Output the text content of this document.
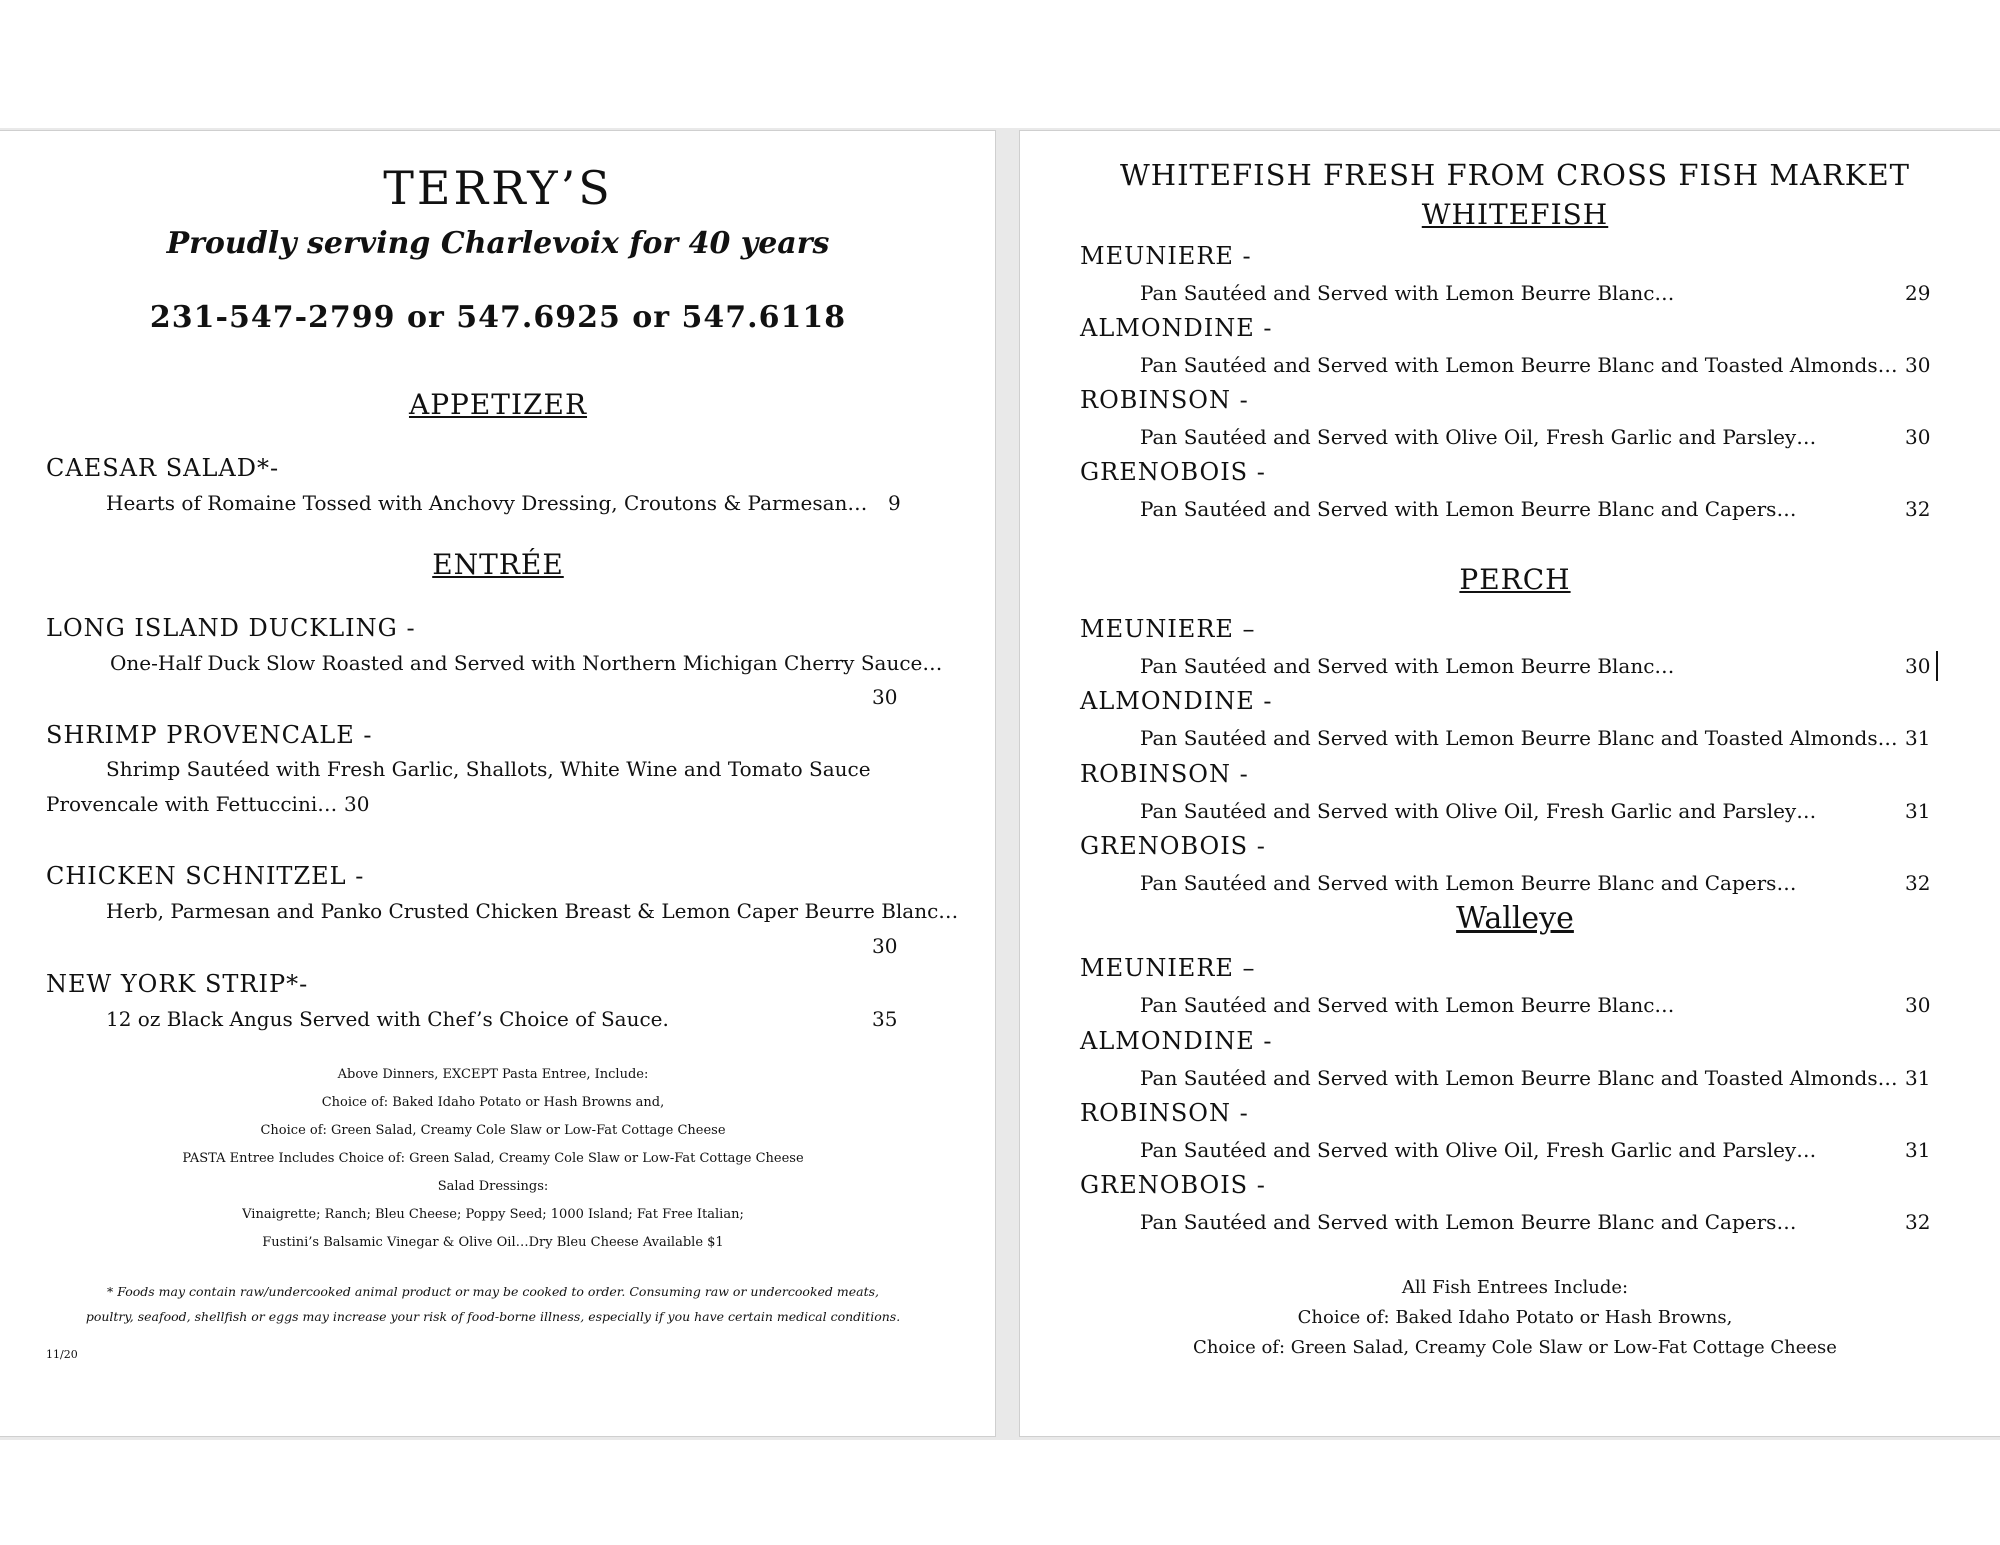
TERRY’S
Proudly serving Charlevoix for 40 years
231-547-2799 or 547.6925 or 547.6118
APPETIZER
CAESAR SALAD*-
Hearts of Romaine Tossed with Anchovy Dressing, Croutons & Parmesan… 9
ENTRÉE
LONG ISLAND DUCKLING -
One-Half Duck Slow Roasted and Served with Northern Michigan Cherry Sauce…
30
SHRIMP PROVENCALE -
Shrimp Sautéed with Fresh Garlic, Shallots, White Wine and Tomato Sauce
Provencale with Fettuccini… 30
CHICKEN SCHNITZEL -
Herb, Parmesan and Panko Crusted Chicken Breast & Lemon Caper Beurre Blanc…
30
NEW YORK STRIP*-
12 oz Black Angus Served with Chef’s Choice of Sauce.	35
Above Dinners, EXCEPT Pasta Entree, Include:
Choice of: Baked Idaho Potato or Hash Browns and,
Choice of: Green Salad, Creamy Cole Slaw or Low-Fat Cottage Cheese
PASTA Entree Includes Choice of: Green Salad, Creamy Cole Slaw or Low-Fat Cottage Cheese
Salad Dressings:
Vinaigrette; Ranch; Bleu Cheese; Poppy Seed; 1000 Island; Fat Free Italian;
Fustini’s Balsamic Vinegar & Olive Oil…Dry Bleu Cheese Available $1
* Foods may contain raw/undercooked animal product or may be cooked to order. Consuming raw or undercooked meats,
poultry, seafood, shellfish or eggs may increase your risk of food-borne illness, especially if you have certain medical conditions.
11/20
WHITEFISH FRESH FROM CROSS FISH MARKET
WHITEFISH
MEUNIERE -
Pan Sautéed and Served with Lemon Beurre Blanc…	29
ALMONDINE -
Pan Sautéed and Served with Lemon Beurre Blanc and Toasted Almonds… 30
ROBINSON -
Pan Sautéed and Served with Olive Oil, Fresh Garlic and Parsley…	30
GRENOBOIS -
Pan Sautéed and Served with Lemon Beurre Blanc and Capers…	32
PERCH
MEUNIERE –
Pan Sautéed and Served with Lemon Beurre Blanc…	30
ALMONDINE -
Pan Sautéed and Served with Lemon Beurre Blanc and Toasted Almonds… 31
ROBINSON -
Pan Sautéed and Served with Olive Oil, Fresh Garlic and Parsley…	31
GRENOBOIS -
Pan Sautéed and Served with Lemon Beurre Blanc and Capers…	32
Walleye
MEUNIERE –
Pan Sautéed and Served with Lemon Beurre Blanc…	30
ALMONDINE -
Pan Sautéed and Served with Lemon Beurre Blanc and Toasted Almonds… 31
ROBINSON -
Pan Sautéed and Served with Olive Oil, Fresh Garlic and Parsley…	31
GRENOBOIS -
Pan Sautéed and Served with Lemon Beurre Blanc and Capers…	32
All Fish Entrees Include:
Choice of: Baked Idaho Potato or Hash Browns,
Choice of: Green Salad, Creamy Cole Slaw or Low-Fat Cottage Cheese
